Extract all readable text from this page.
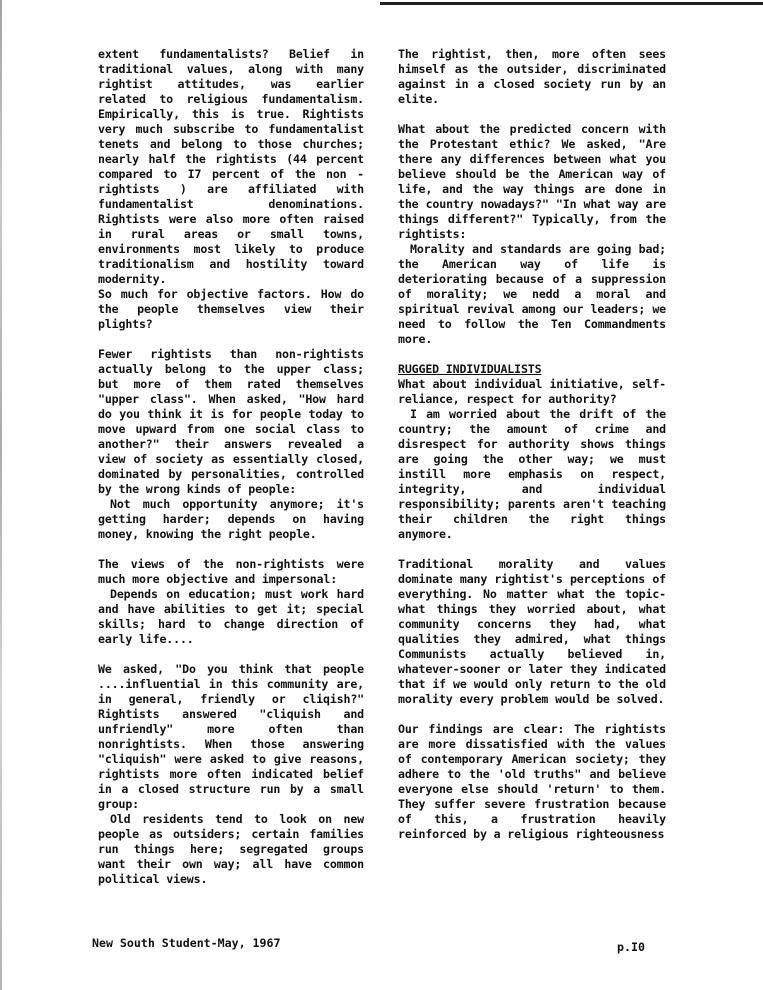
extent fundamentalists? Belief in traditional values, along with many rightist attitudes, was earlier related to religious fundamentalism. Empirically, this is true. Rightists very much subscribe to fundamentalist tenets and belong to those churches; nearly half the rightists (44 percent compared to I7 percent of the non - rightists ) are affiliated with fundamentalist denominations. Rightists were also more often raised in rural areas or small towns, environments most likely to produce traditionalism and hostility toward modernity.

So much for objective factors. How do the people themselves view their plights?

Fewer rightists than non-rightists actually belong to the upper class; but more of them rated themselves "upper class". When asked, "How hard do you think it is for people today to move upward from one social class to another?" their answers revealed a view of society as essentially closed, dominated by personalities, controlled by the wrong kinds of people:

Not much opportunity anymore; it's getting harder; depends on having money, knowing the right people.

The views of the non-rightists were much more objective and impersonal:

Depends on education; must work hard and have abilities to get it; special skills; hard to change direction of early life....

We asked, "Do you think that people ....influential in this community are, in general, friendly or cliqish?" Rightists answered "cliquish and unfriendly" more often than nonrightists. When those answering "cliquish" were asked to give reasons, rightists more often indicated belief in a closed structure run by a small group:

Old residents tend to look on new people as outsiders; certain families run things here; segregated groups want their own way; all have common political views.

The rightist, then, more often sees himself as the outsider, discriminated against in a closed society run by an elite.

What about the predicted concern with the Protestant ethic? We asked, "Are there any differences between what you believe should be the American way of life, and the way things are done in the country nowadays?" "In what way are things different?" Typically, from the rightists:

Morality and standards are going bad; the American way of life is deteriorating because of a suppression of morality; we nedd a moral and spiritual revival among our leaders; we need to follow the Ten Commandments more.

RUGGED INDIVIDUALISTS

What about individual initiative, self-reliance, respect for authority?

I am worried about the drift of the country; the amount of crime and disrespect for authority shows things are going the other way; we must instill more emphasis on respect, integrity, and individual responsibility; parents aren't teaching their children the right things anymore.

Traditional morality and values dominate many rightist's perceptions of everything. No matter what the topic-what things they worried about, what community concerns they had, what qualities they admired, what things Communists actually believed in, whatever-sooner or later they indicated that if we would only return to the old morality every problem would be solved.

Our findings are clear: The rightists are more dissatisfied with the values of contemporary American society; they adhere to the 'old truths" and believe everyone else should 'return' to them. They suffer severe frustration because of this, a frustration heavily reinforced by a religious righteousness

New South Student-May, 1967	p.I0
